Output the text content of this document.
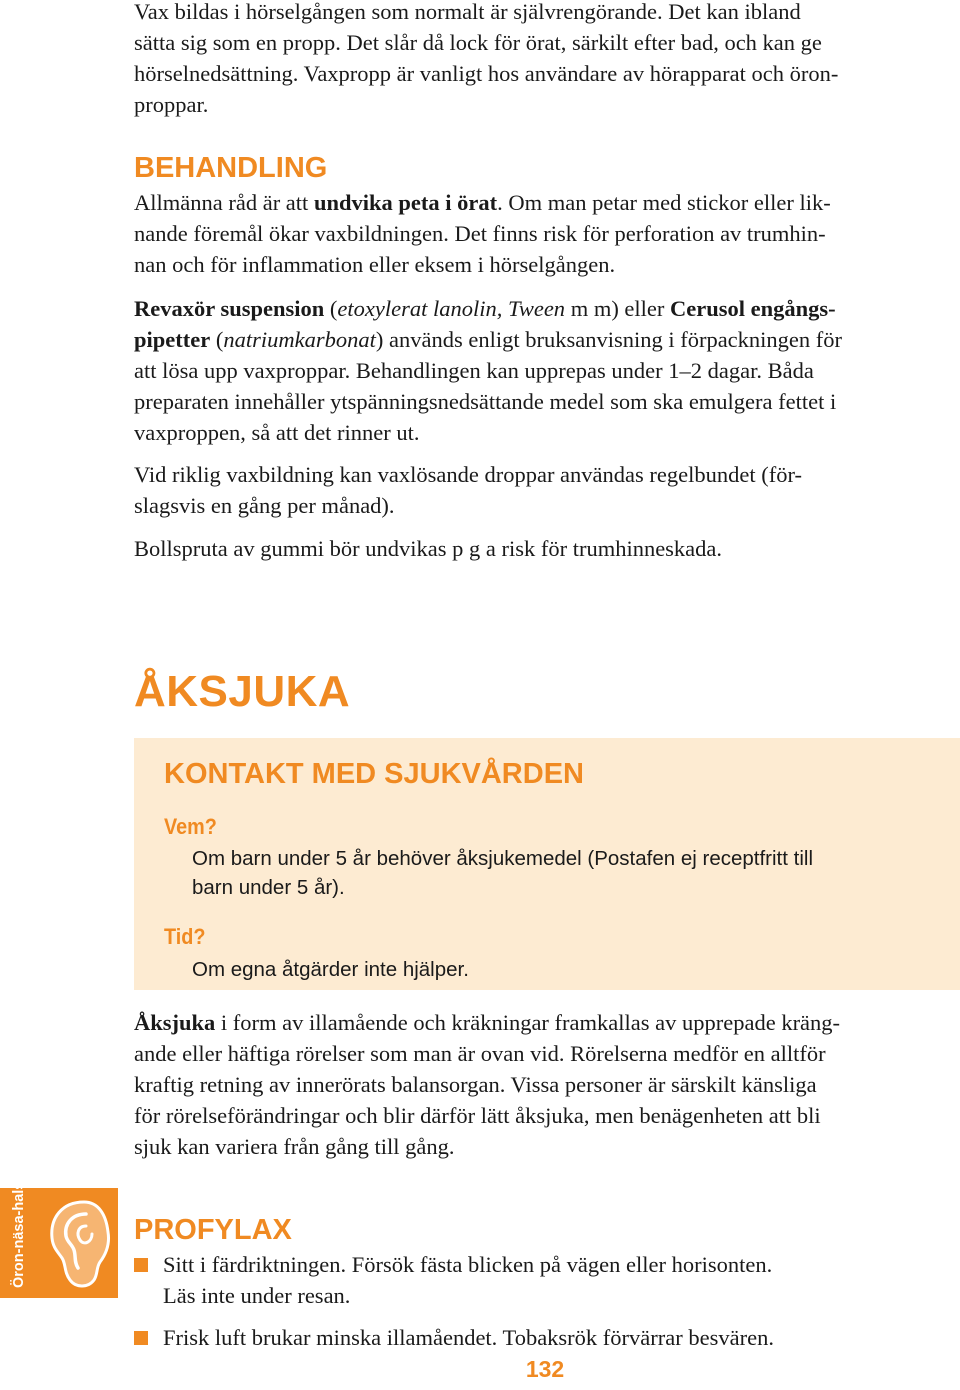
Vax bildas i hörselgången som normalt är självrengörande. Det kan ibland
sätta sig som en propp. Det slår då lock för örat, särkilt efter bad, och kan ge
hörselnedsättning. Vaxpropp är vanligt hos användare av hörapparat och öron-
proppar.
BEHANDLING
Allmänna råd är att undvika peta i örat. Om man petar med stickor eller lik-
nande föremål ökar vaxbildningen. Det finns risk för perforation av trumhin-
nan och för inflammation eller eksem i hörselgången.
Revaxör suspension (etoxylerat lanolin, Tween m m) eller Cerusol engångs-
pipetter (natriumkarbonat) används enligt bruksanvisning i förpackningen för
att lösa upp vaxproppar. Behandlingen kan upprepas under 1–2 dagar. Båda
preparaten innehåller ytspänningsnedsättande medel som ska emulgera fettet i
vaxproppen, så att det rinner ut.
Vid riklig vaxbildning kan vaxlösande droppar användas regelbundet (för-
slagsvis en gång per månad).
Bollspruta av gummi bör undvikas p g a risk för trumhinneskada.
ÅKSJUKA
KONTAKT MED SJUKVÅRDEN
Vem?
Om barn under 5 år behöver åksjukemedel (Postafen ej receptfritt till
barn under 5 år).
Tid?
Om egna åtgärder inte hjälper.
Åksjuka i form av illamående och kräkningar framkallas av upprepade kräng-
ande eller häftiga rörelser som man är ovan vid. Rörelserna medför en alltför
kraftig retning av innerörats balansorgan. Vissa personer är särskilt känsliga
för rörelseförändringar och blir därför lätt åksjuka, men benägenheten att bli
sjuk kan variera från gång till gång.
Öron-näsa-hals	PROFYLAX
Sitt i färdriktningen. Försök fästa blicken på vägen eller horisonten.
Läs inte under resan.
Frisk luft brukar minska illamåendet. Tobaksrök förvärrar besvären.
132
